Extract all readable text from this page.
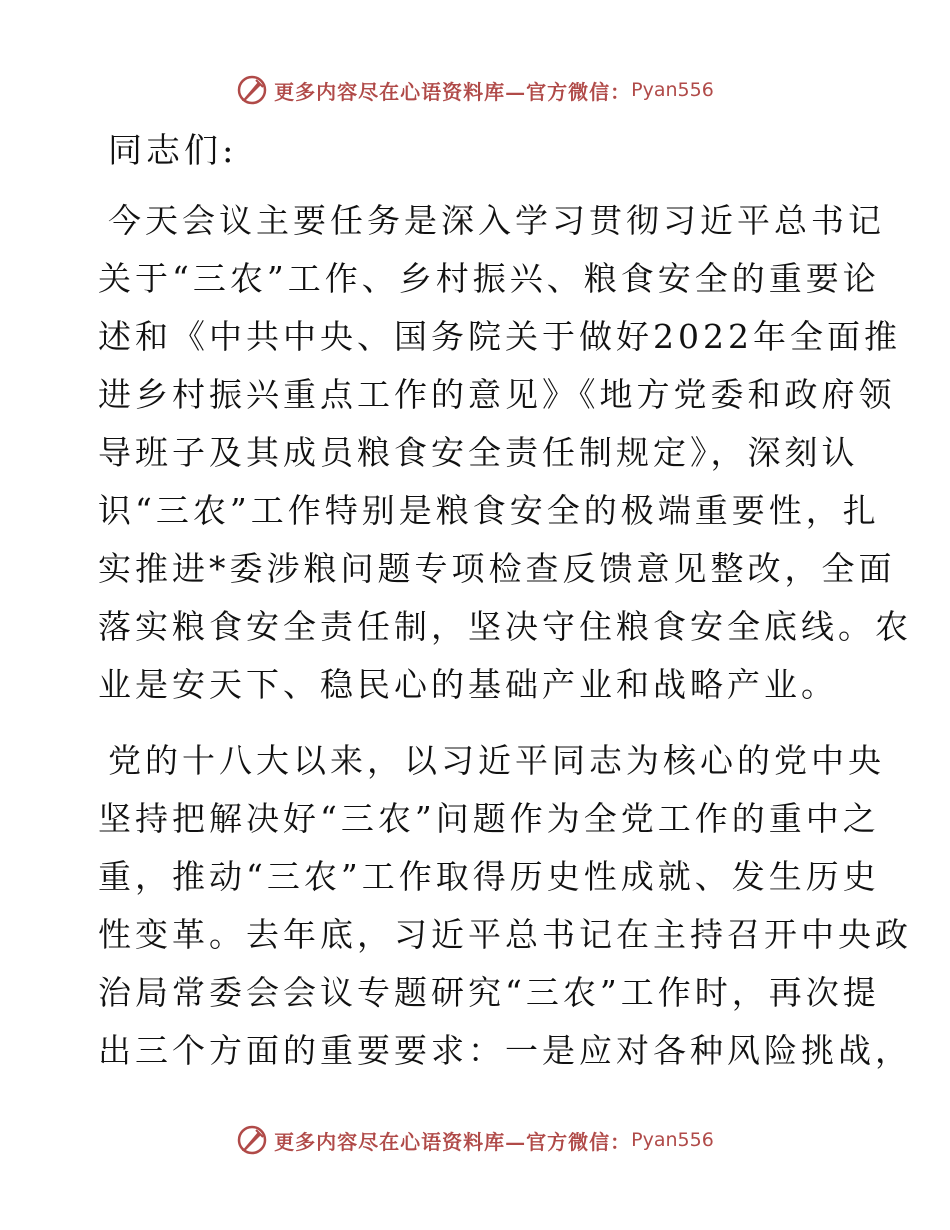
更多内容尽在心语资料库—官方微信： Pyan556
同志们:
今天会议主要任务是深入学习贯彻习近平总书记
关于“三农”工作、乡村振兴、粮食安全的重要论
述和《中共中央、国务院关于做好2022年全面推
进乡村振兴重点工作的意见》《地方党委和政府领
导班子及其成员粮食安全责任制规定》，深刻认
识“三农”工作特别是粮食安全的极端重要性，扎
实推进*委涉粮问题专项检查反馈意见整改，全面
落实粮食安全责任制，坚决守住粮食安全底线。农
业是安天下、稳民心的基础产业和战略产业。
党的十八大以来，以习近平同志为核心的党中央
坚持把解决好“三农”问题作为全党工作的重中之
重，推动“三农”工作取得历史性成就、发生历史
性变革。去年底，习近平总书记在主持召开中央政
治局常委会会议专题研究“三农”工作时，再次提
出三个方面的重要要求：一是应对各种风险挑战，
更多内容尽在心语资料库—官方微信： Pyan556
